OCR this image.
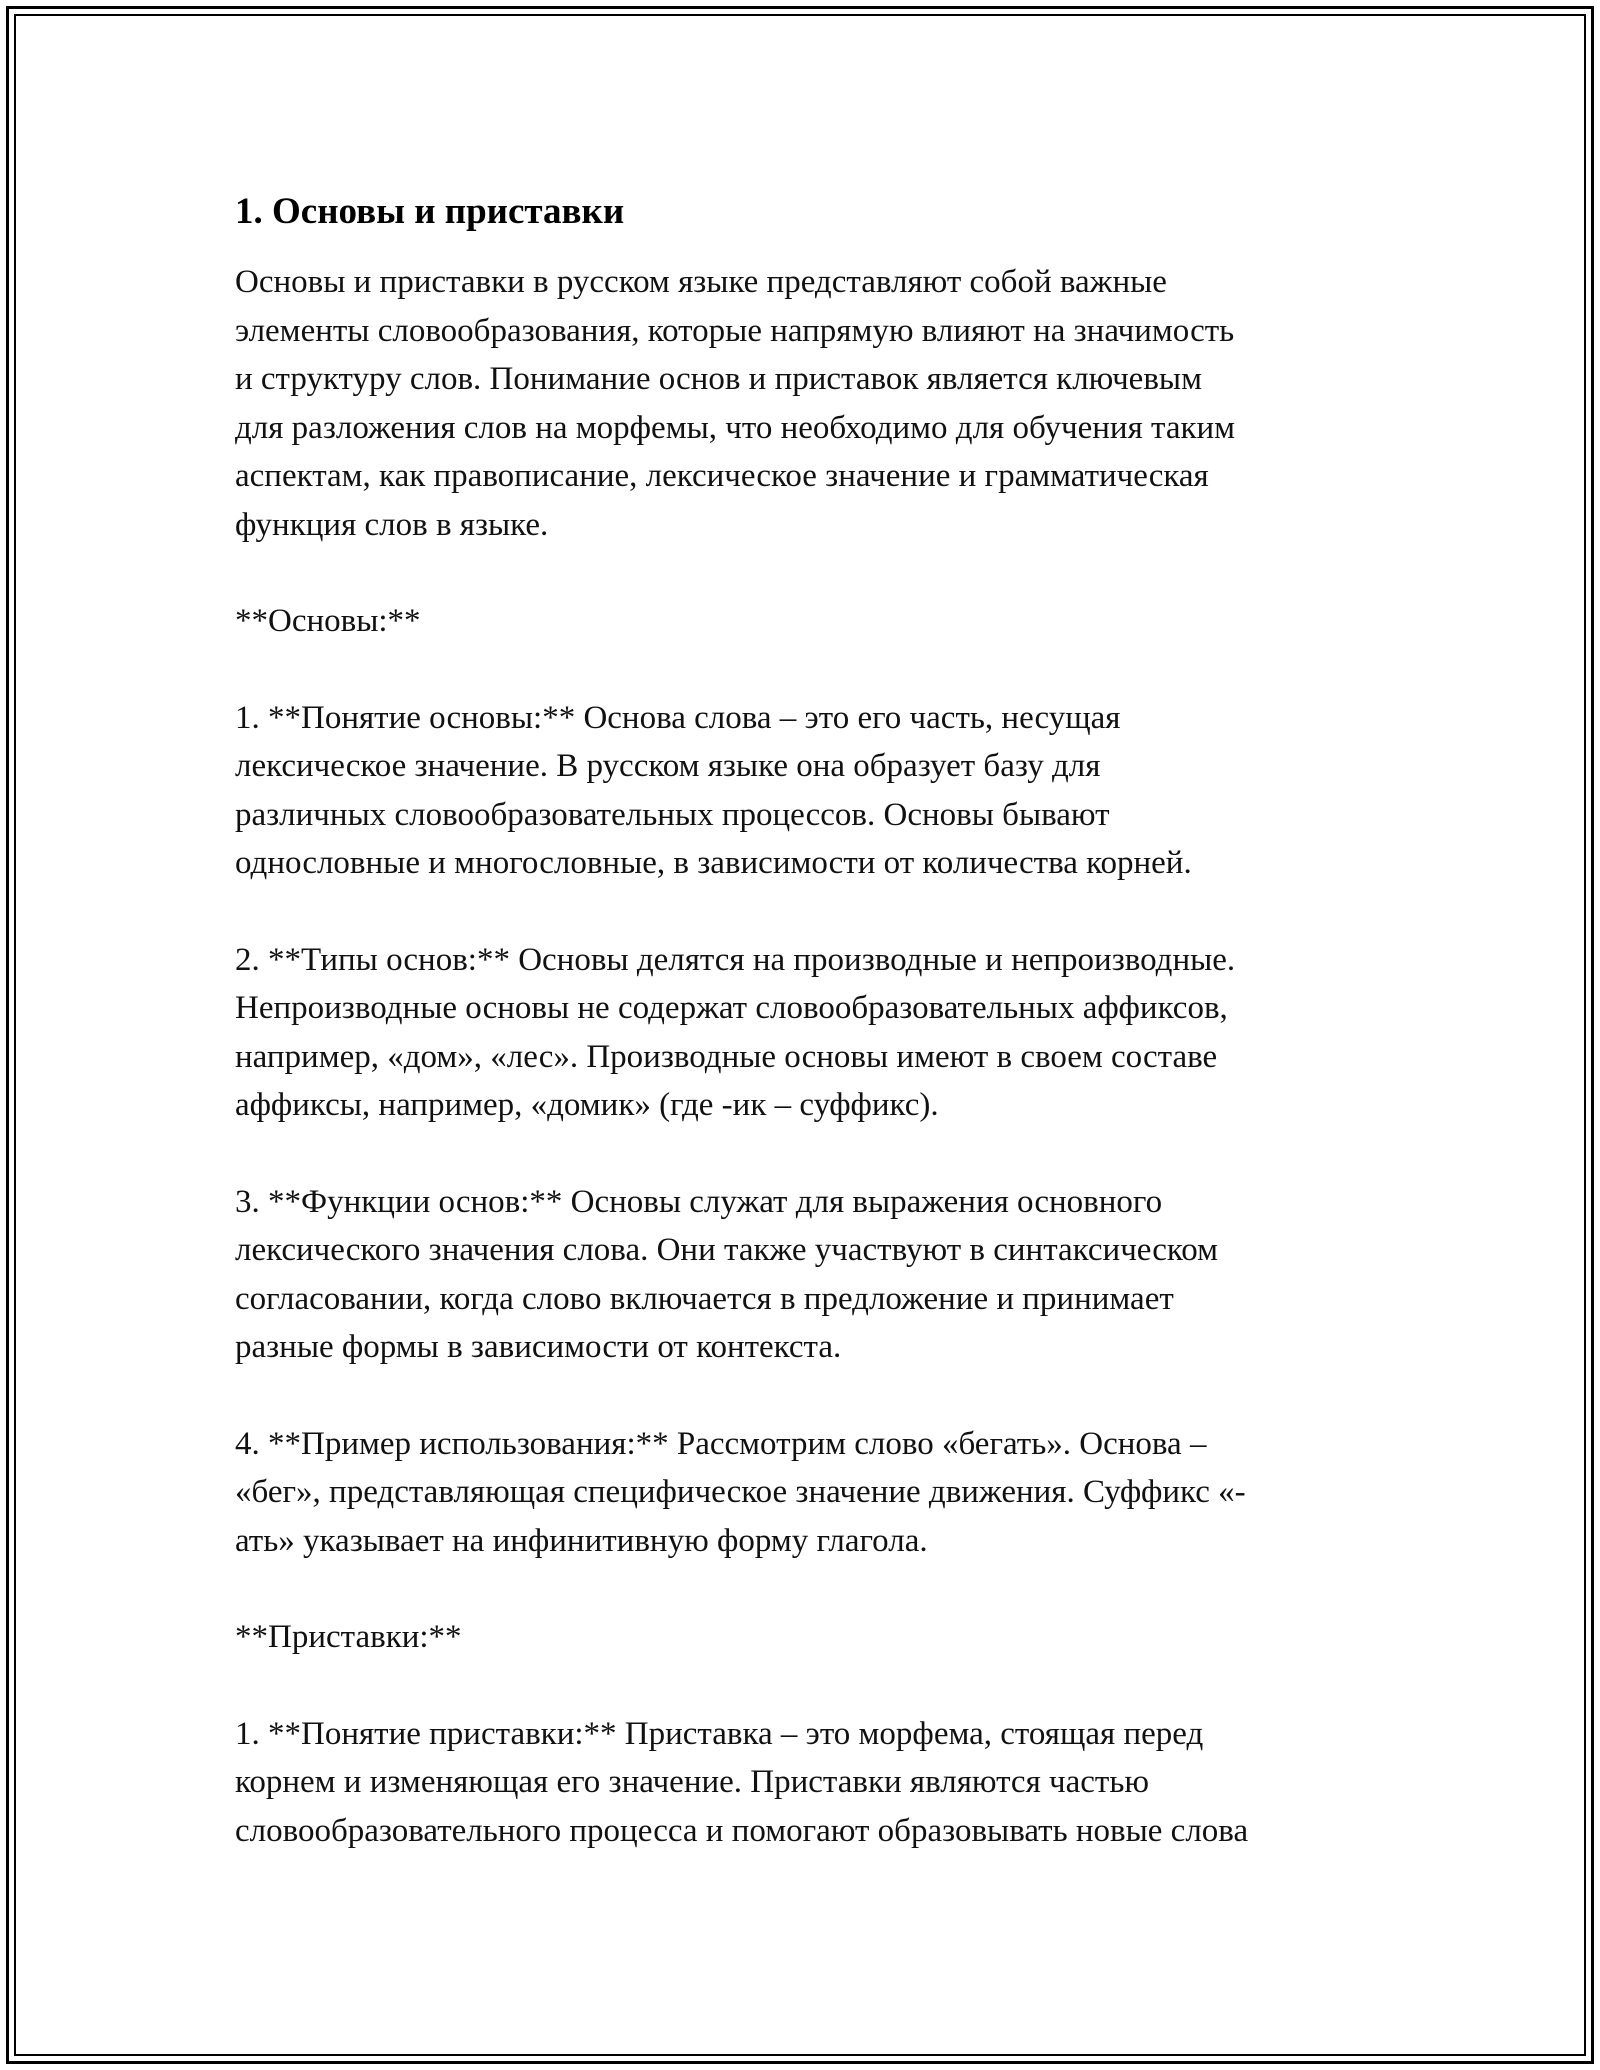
1. Основы и приставки
Основы и приставки в русском языке представляют собой важные
элементы словообразования, которые напрямую влияют на значимость
и структуру слов. Понимание основ и приставок является ключевым
для разложения слов на морфемы, что необходимо для обучения таким
аспектам, как правописание, лексическое значение и грамматическая
функция слов в языке.
**Основы:**
1. **Понятие основы:** Основа слова – это его часть, несущая
лексическое значение. В русском языке она образует базу для
различных словообразовательных процессов. Основы бывают
однословные и многословные, в зависимости от количества корней.
2. **Типы основ:** Основы делятся на производные и непроизводные.
Непроизводные основы не содержат словообразовательных аффиксов,
например, «дом», «лес». Производные основы имеют в своем составе
аффиксы, например, «домик» (где -ик – суффикс).
3. **Функции основ:** Основы служат для выражения основного
лексического значения слова. Они также участвуют в синтаксическом
согласовании, когда слово включается в предложение и принимает
разные формы в зависимости от контекста.
4. **Пример использования:** Рассмотрим слово «бегать». Основа –
«бег», представляющая специфическое значение движения. Суффикс «-
ать» указывает на инфинитивную форму глагола.
**Приставки:**
1. **Понятие приставки:** Приставка – это морфема, стоящая перед
корнем и изменяющая его значение. Приставки являются частью
словообразовательного процесса и помогают образовывать новые слова
